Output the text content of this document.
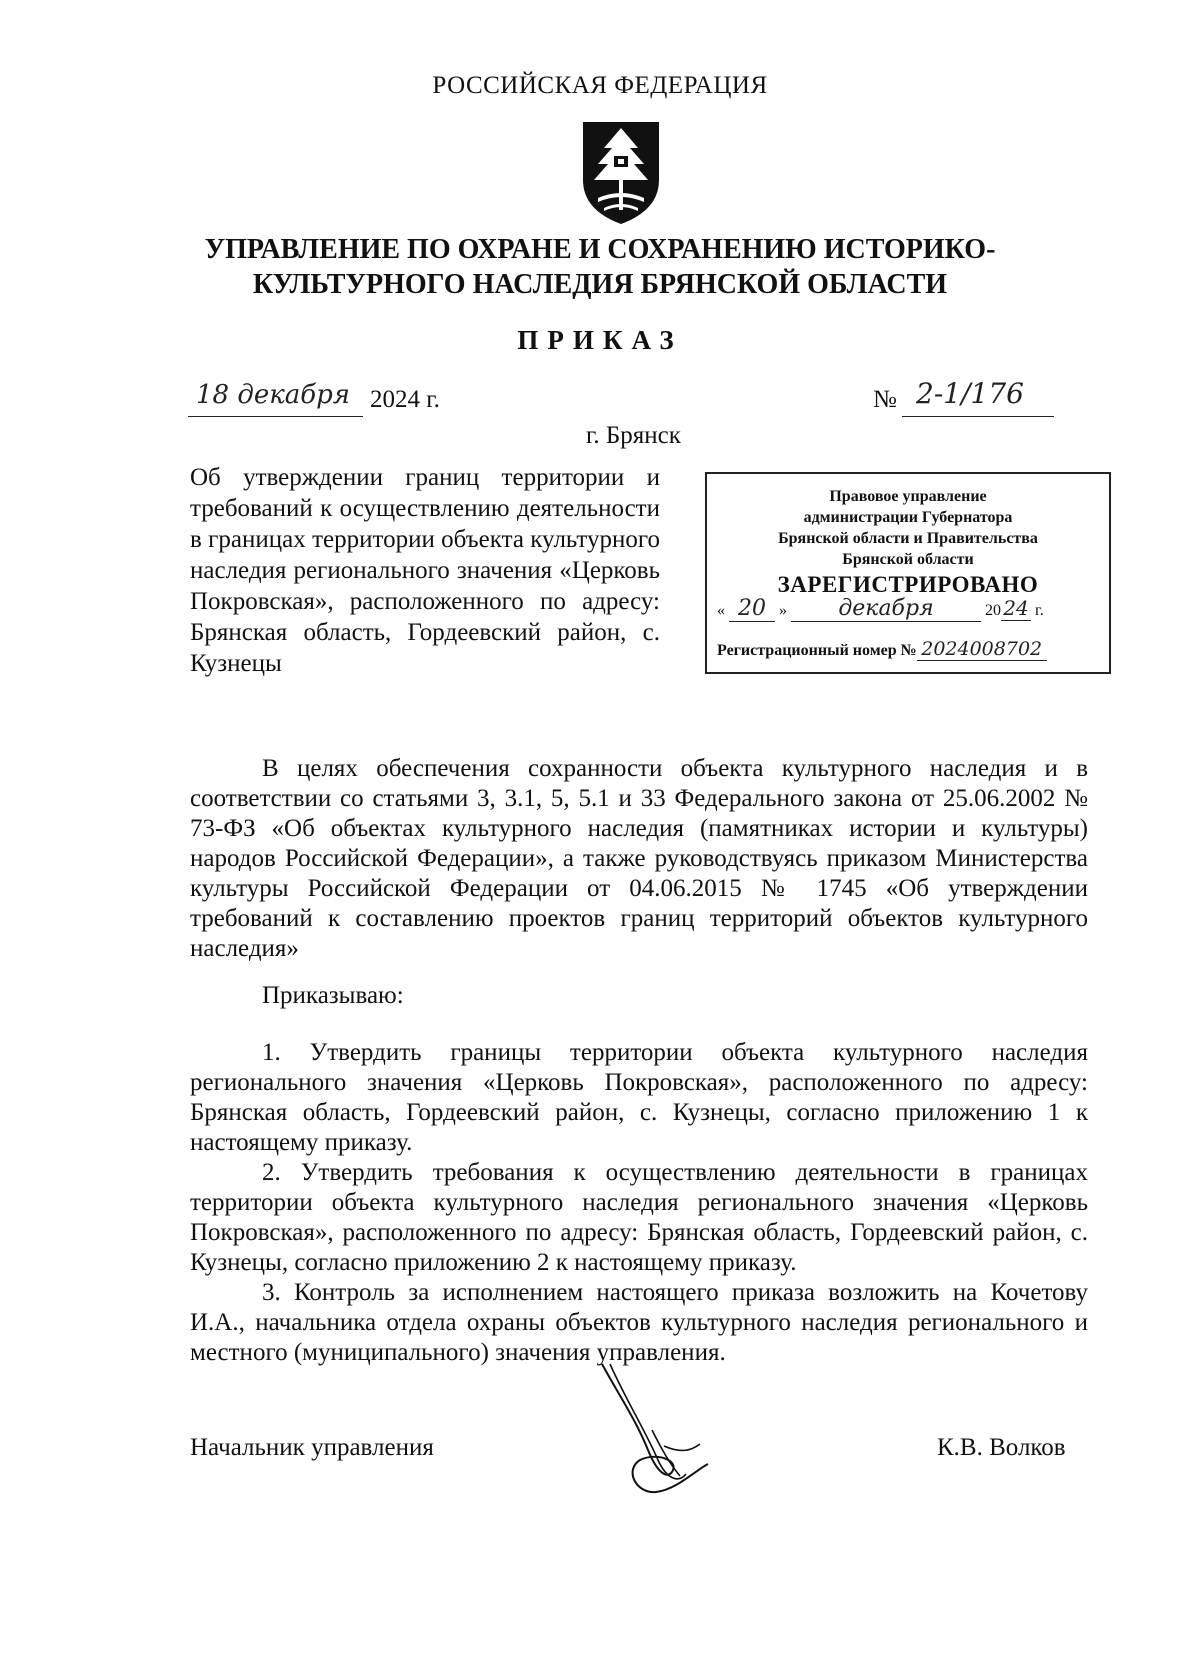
РОССИЙСКАЯ ФЕДЕРАЦИЯ
УПРАВЛЕНИЕ ПО ОХРАНЕ И СОХРАНЕНИЮ ИСТОРИКО-
КУЛЬТУРНОГО НАСЛЕДИЯ БРЯНСКОЙ ОБЛАСТИ
ПРИКАЗ
18 декабря 2024 г.	№ 2-1/176
г. Брянск
Об утверждении границ территории и требований к осуществлению деятельности в границах территории объекта культурного наследия регионального значения «Церковь Покровская», расположенного по адресу: Брянская область, Гордеевский район, с. Кузнецы
Правовое управление
администрации Губернатора
Брянской области и Правительства
Брянской области
ЗАРЕГИСТРИРОВАНО
« 20 » декабря	20 24 г.
Регистрационный номер № 2024008702
В целях обеспечения сохранности объекта культурного наследия и в соответствии со статьями 3, 3.1, 5, 5.1 и 33 Федерального закона от 25.06.2002 № 73-ФЗ «Об объектах культурного наследия (памятниках истории и культуры) народов Российской Федерации», а также руководствуясь приказом Министерства культуры Российской Федерации от 04.06.2015 № 1745 «Об утверждении требований к составлению проектов границ территорий объектов культурного наследия»
Приказываю:

1. Утвердить границы территории объекта культурного наследия регионального значения «Церковь Покровская», расположенного по адресу: Брянская область, Гордеевский район, с. Кузнецы, согласно приложению 1 к настоящему приказу.

2. Утвердить требования к осуществлению деятельности в границах территории объекта культурного наследия регионального значения «Церковь Покровская», расположенного по адресу: Брянская область, Гордеевский район, с. Кузнецы, согласно приложению 2 к настоящему приказу.

3. Контроль за исполнением настоящего приказа возложить на Кочетову И.А., начальника отдела охраны объектов культурного наследия регионального и местного (муниципального) значения управления.

Начальник управления	К.В. Волков
